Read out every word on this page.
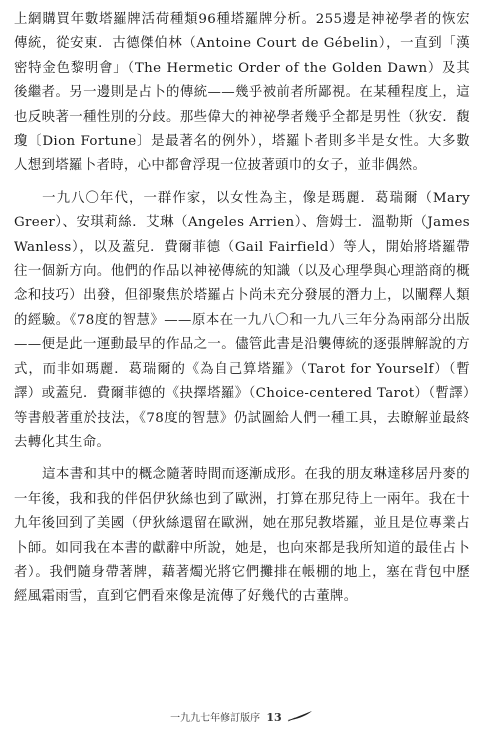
上網購買年數塔羅牌活荷種類96種塔羅牌分析。255邊是神祕學者的恢宏傳統，從安東．古德傑伯林（Antoine Court de Gébelin），一直到「漢密特金色黎明會」（The Hermetic Order of the Golden Dawn）及其後繼者。另一邊則是占卜的傳統——幾乎被前者所鄙視。在某種程度上，這也反映著一種性別的分歧。那些偉大的神祕學者幾乎全都是男性（狄安．馥瓊〔Dion Fortune〕是最著名的例外），塔羅卜者則多半是女性。大多數人想到塔羅卜者時，心中都會浮現一位披著頭巾的女子，並非偶然。

一九八〇年代，一群作家，以女性為主，像是瑪麗．葛瑞爾（Mary Greer）、安琪莉絲．艾琳（Angeles Arrien）、詹姆士．溫勒斯（James Wanless），以及蓋兒．費爾菲德（Gail Fairfield）等人，開始將塔羅帶往一個新方向。他們的作品以神祕傳統的知識（以及心理學與心理諮商的概念和技巧）出發，但卻聚焦於塔羅占卜尚未充分發展的潛力上，以闡釋人類的經驗。《78度的智慧》——原本在一九八〇和一九八三年分為兩部分出版——便是此一運動最早的作品之一。儘管此書是沿襲傳統的逐張牌解說的方式，而非如瑪麗．葛瑞爾的《為自己算塔羅》（Tarot for Yourself）（暫譯）或蓋兒．費爾菲德的《抉擇塔羅》（Choice-centered Tarot）（暫譯）等書般著重於技法，《78度的智慧》仍試圖給人們一種工具，去瞭解並最終去轉化其生命。

這本書和其中的概念隨著時間而逐漸成形。在我的朋友琳達移居丹麥的一年後，我和我的伴侶伊狄絲也到了歐洲，打算在那兒待上一兩年。我在十九年後回到了美國（伊狄絲還留在歐洲，她在那兒教塔羅，並且是位專業占卜師。如同我在本書的獻辭中所說，她是，也向來都是我所知道的最佳占卜者）。我們隨身帶著牌，藉著燭光將它們攤排在帳棚的地上，塞在背包中歷經風霜雨雪，直到它們看來像是流傳了好幾代的古董牌。

一九九七年修訂版序 13
